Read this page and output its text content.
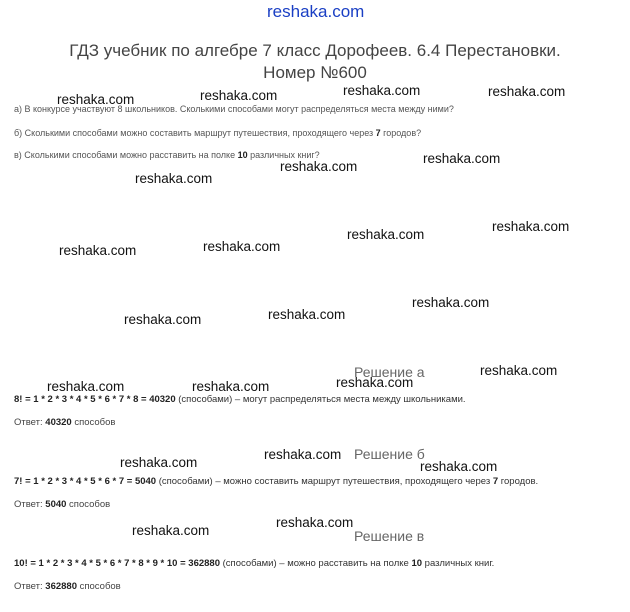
reshaka.com
ГДЗ учебник по алгебре 7 класс Дорофеев. 6.4 Перестановки.
Номер №600
а) В конкурсе участвуют 8 школьников. Сколькими способами могут распределяться места между ними?
б) Сколькими способами можно составить маршрут путешествия, проходящего через 7 городов?
в) Сколькими способами можно расставить на полке 10 различных книг?
Решение а
8! = 1 * 2 * 3 * 4 * 5 * 6 * 7 * 8 = 40320 (способами) – могут распределяться места между школьниками.
Ответ: 40320 способов
Решение б
7! = 1 * 2 * 3 * 4 * 5 * 6 * 7 = 5040 (способами) – можно составить маршрут путешествия, проходящего через 7 городов.
Ответ: 5040 способов
Решение в
10! = 1 * 2 * 3 * 4 * 5 * 6 * 7 * 8 * 9 * 10 = 362880 (способами) – можно расставить на полке 10 различных книг.
Ответ: 362880 способов
reshaka.com	reshaka.com	reshaka.com	reshaka.com
reshaka.com
reshaka.com
reshaka.com
reshaka.com
reshaka.com
reshaka.com
reshaka.com
reshaka.com
reshaka.com
reshaka.com
reshaka.com
reshaka.com
reshaka.com	reshaka.com
reshaka.com
reshaka.com	reshaka.com
reshaka.com
reshaka.com
